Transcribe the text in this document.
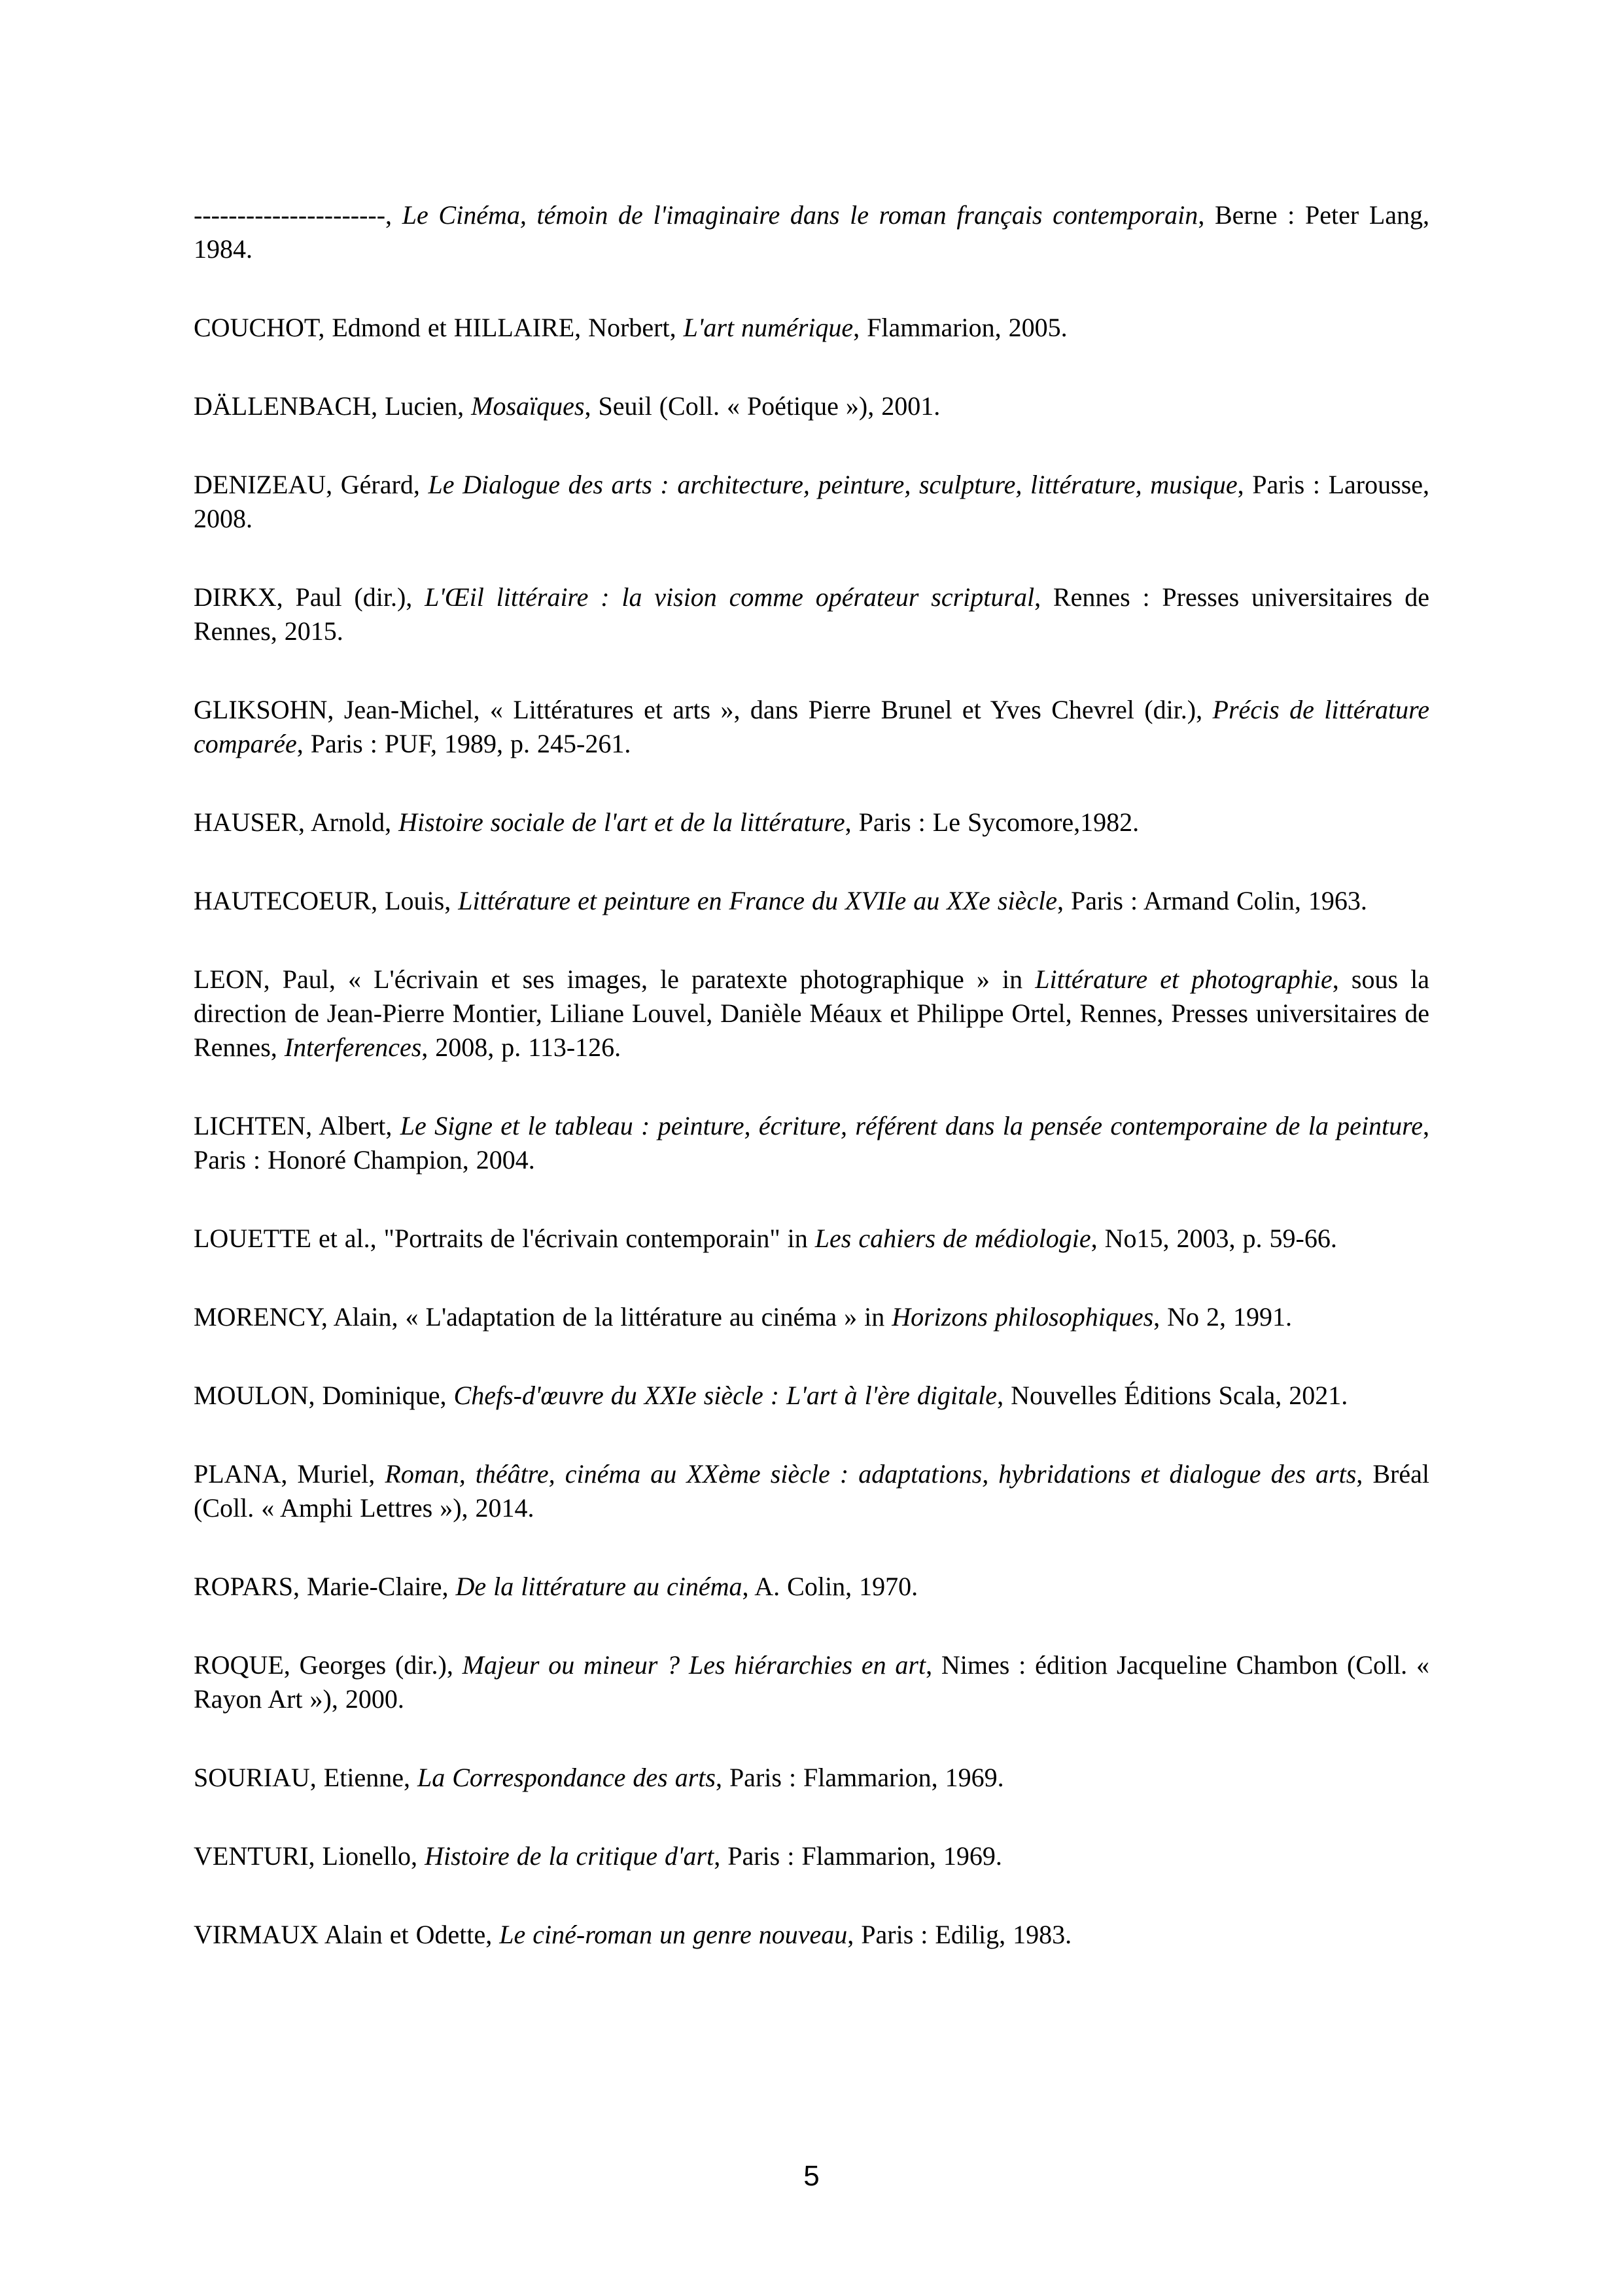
----------------------, Le Cinéma, témoin de l'imaginaire dans le roman français contemporain, Berne : Peter Lang, 1984.

COUCHOT, Edmond et HILLAIRE, Norbert, L'art numérique, Flammarion, 2005.

DÄLLENBACH, Lucien, Mosaïques, Seuil (Coll. « Poétique »), 2001.

DENIZEAU, Gérard, Le Dialogue des arts : architecture, peinture, sculpture, littérature, musique, Paris : Larousse, 2008.

DIRKX, Paul (dir.), L'Œil littéraire : la vision comme opérateur scriptural, Rennes : Presses universitaires de Rennes, 2015.

GLIKSOHN, Jean-Michel, « Littératures et arts », dans Pierre Brunel et Yves Chevrel (dir.), Précis de littérature comparée, Paris : PUF, 1989, p. 245-261.

HAUSER, Arnold, Histoire sociale de l'art et de la littérature, Paris : Le Sycomore,1982.

HAUTECOEUR, Louis, Littérature et peinture en France du XVIIe au XXe siècle, Paris : Armand Colin, 1963.

LEON, Paul, « L'écrivain et ses images, le paratexte photographique » in Littérature et photographie, sous la direction de Jean-Pierre Montier, Liliane Louvel, Danièle Méaux et Philippe Ortel, Rennes, Presses universitaires de Rennes, Interferences, 2008, p. 113-126.

LICHTEN, Albert, Le Signe et le tableau : peinture, écriture, référent dans la pensée contemporaine de la peinture, Paris : Honoré Champion, 2004.

LOUETTE et al., "Portraits de l'écrivain contemporain" in Les cahiers de médiologie, No15, 2003, p. 59-66.

MORENCY, Alain, « L'adaptation de la littérature au cinéma » in Horizons philosophiques, No 2, 1991.

MOULON, Dominique, Chefs-d'œuvre du XXIe siècle : L'art à l'ère digitale, Nouvelles Éditions Scala, 2021.

PLANA, Muriel, Roman, théâtre, cinéma au XXème siècle : adaptations, hybridations et dialogue des arts, Bréal (Coll. « Amphi Lettres »), 2014.

ROPARS, Marie-Claire, De la littérature au cinéma, A. Colin, 1970.

ROQUE, Georges (dir.), Majeur ou mineur ? Les hiérarchies en art, Nimes : édition Jacqueline Chambon (Coll. « Rayon Art »), 2000.

SOURIAU, Etienne, La Correspondance des arts, Paris : Flammarion, 1969.

VENTURI, Lionello, Histoire de la critique d'art, Paris : Flammarion, 1969.

VIRMAUX Alain et Odette, Le ciné-roman un genre nouveau, Paris : Edilig, 1983.

5
